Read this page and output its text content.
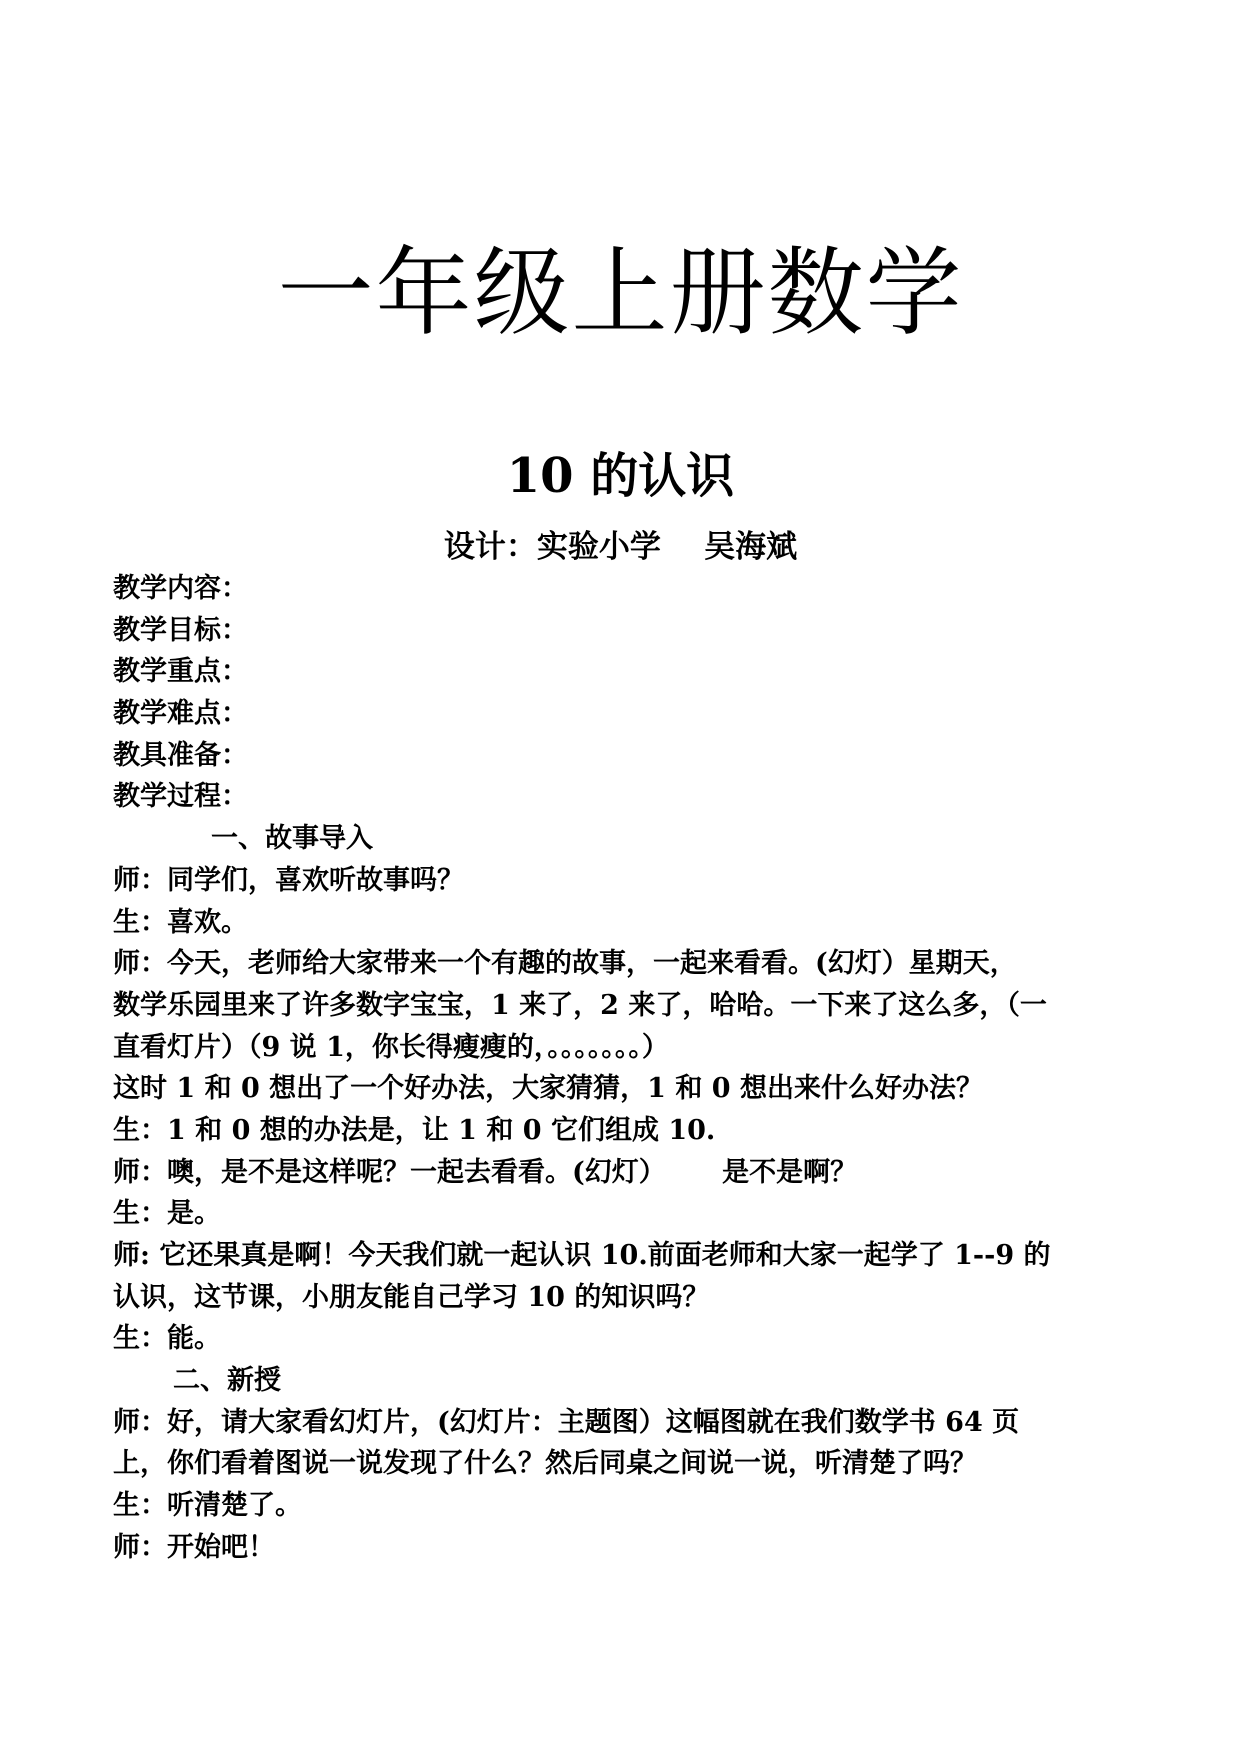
一年级上册数学
10 的认识
设计：实验小学    吴海斌
教学内容：
教学目标：
教学重点：
教学难点：
教具准备：
教学过程：
一、故事导入
师：同学们，喜欢听故事吗？
生：喜欢。
师：今天，老师给大家带来一个有趣的故事，一起来看看。(幻灯）星期天，
数学乐园里来了许多数字宝宝，1 来了，2 来了，哈哈。一下来了这么多，（一
直看灯片）（9 说 1，你长得瘦瘦的，。。。。。。。）
这时 1 和 0 想出了一个好办法，大家猜猜，1 和 0 想出来什么好办法？
生：1 和 0 想的办法是，让 1 和 0 它们组成 10.
师：噢，是不是这样呢？一起去看看。(幻灯）      是不是啊？
生：是。
师: 它还果真是啊！今天我们就一起认识 10.前面老师和大家一起学了 1--9 的
认识，这节课，小朋友能自己学习 10 的知识吗？
生：能。
二、新授
师：好，请大家看幻灯片，(幻灯片：主题图）这幅图就在我们数学书 64 页
上，你们看着图说一说发现了什么？然后同桌之间说一说，听清楚了吗？
生：听清楚了。
师：开始吧！
